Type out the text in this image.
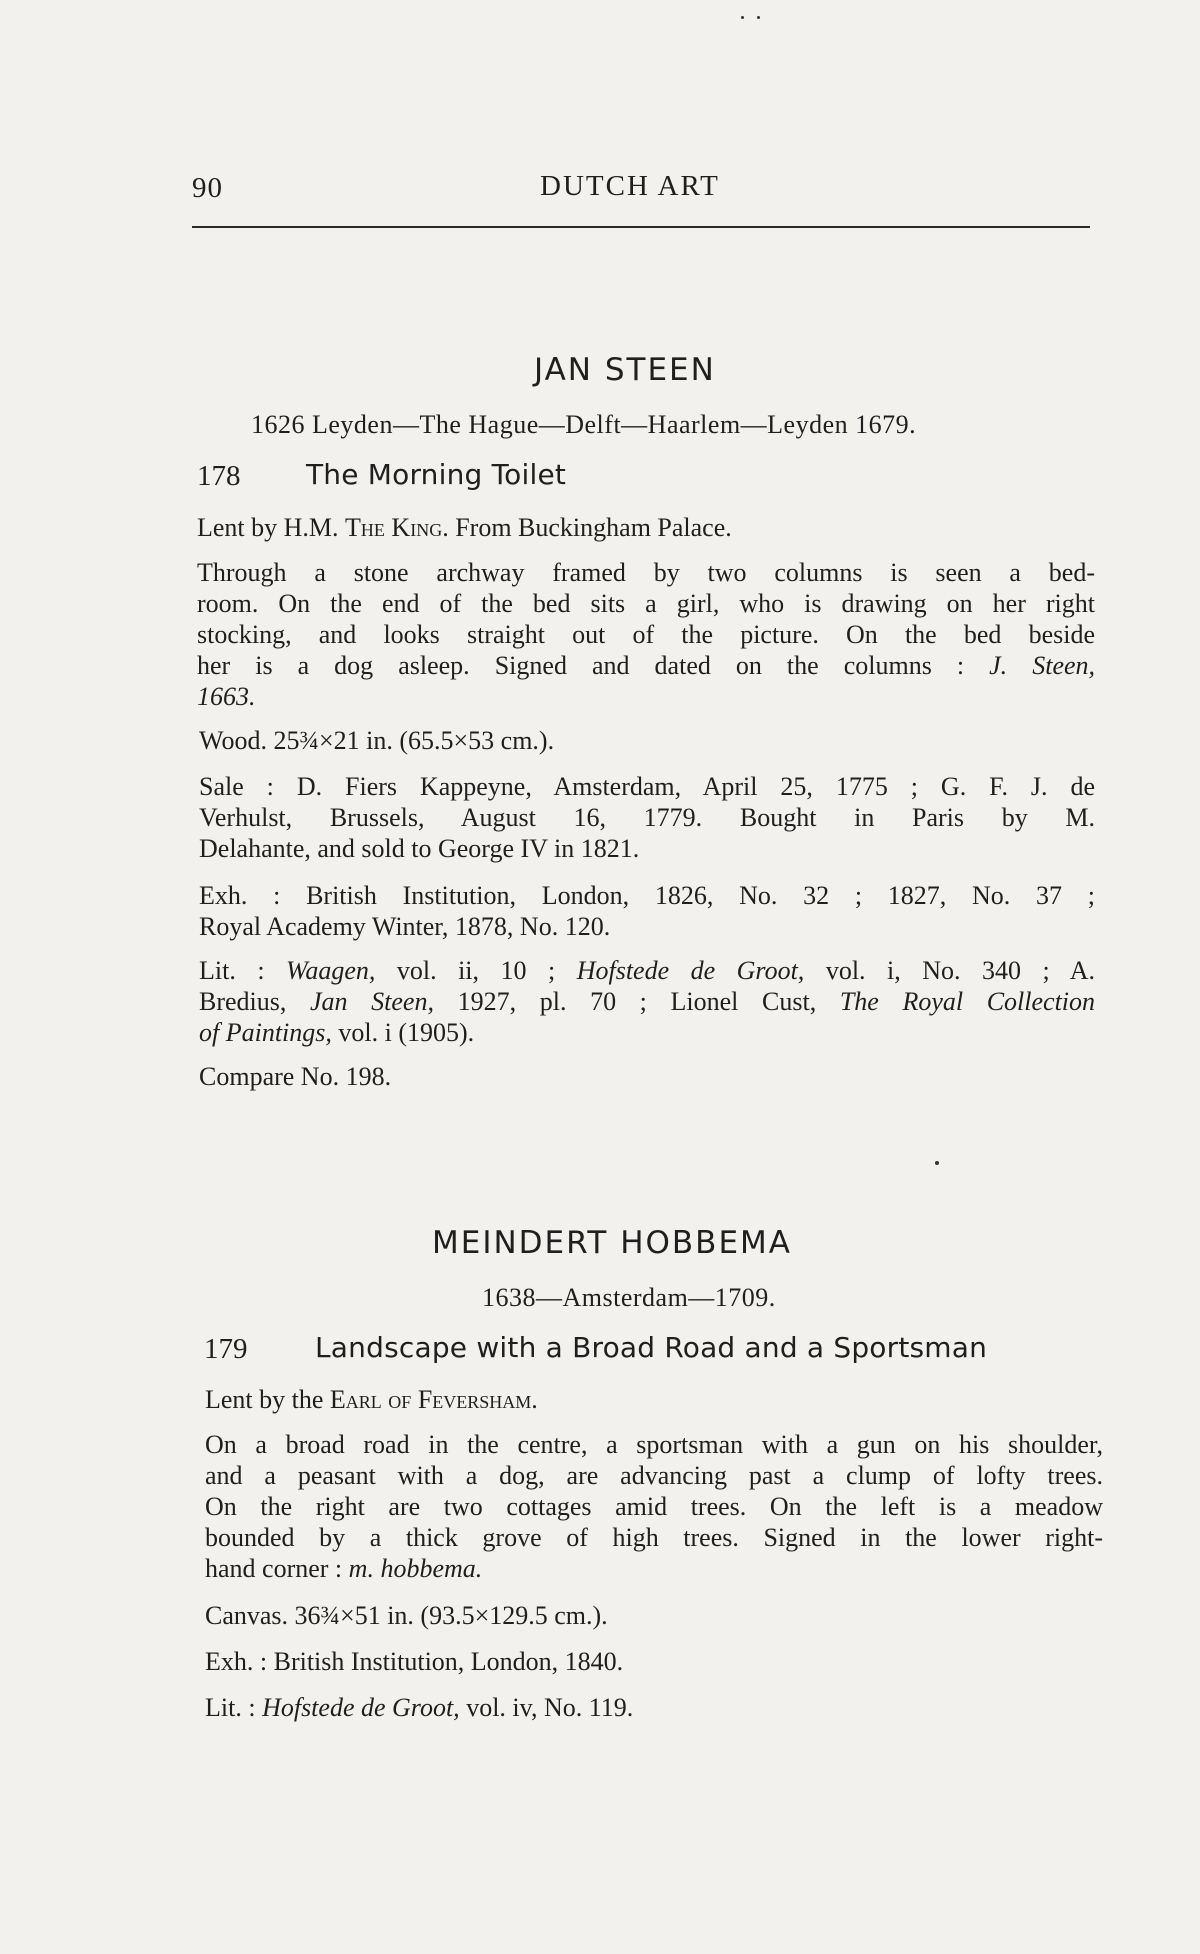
90	DUTCH ART
JAN STEEN
1626 Leyden—The Hague—Delft—Haarlem—Leyden 1679.
178 The Morning Toilet
Lent by H.M. The King. From Buckingham Palace.
Through a stone archway framed by two columns is seen a bed-
room. On the end of the bed sits a girl, who is drawing on her right
stocking, and looks straight out of the picture. On the bed beside
her is a dog asleep. Signed and dated on the columns : J. Steen,
1663.
Wood. 25¾×21 in. (65.5×53 cm.).
Sale : D. Fiers Kappeyne, Amsterdam, April 25, 1775 ; G. F. J. de
Verhulst, Brussels, August 16, 1779. Bought in Paris by M.
Delahante, and sold to George IV in 1821.
Exh. : British Institution, London, 1826, No. 32 ; 1827, No. 37 ;
Royal Academy Winter, 1878, No. 120.
Lit. : Waagen, vol. ii, 10 ; Hofstede de Groot, vol. i, No. 340 ; A.
Bredius, Jan Steen, 1927, pl. 70 ; Lionel Cust, The Royal Collection
of Paintings, vol. i (1905).
Compare No. 198.
MEINDERT HOBBEMA
1638—Amsterdam—1709.
179 Landscape with a Broad Road and a Sportsman
Lent by the Earl of Feversham.
On a broad road in the centre, a sportsman with a gun on his shoulder,
and a peasant with a dog, are advancing past a clump of lofty trees.
On the right are two cottages amid trees. On the left is a meadow
bounded by a thick grove of high trees. Signed in the lower right-
hand corner : m. hobbema.
Canvas. 36¾×51 in. (93.5×129.5 cm.).
Exh. : British Institution, London, 1840.
Lit. : Hofstede de Groot, vol. iv, No. 119.
